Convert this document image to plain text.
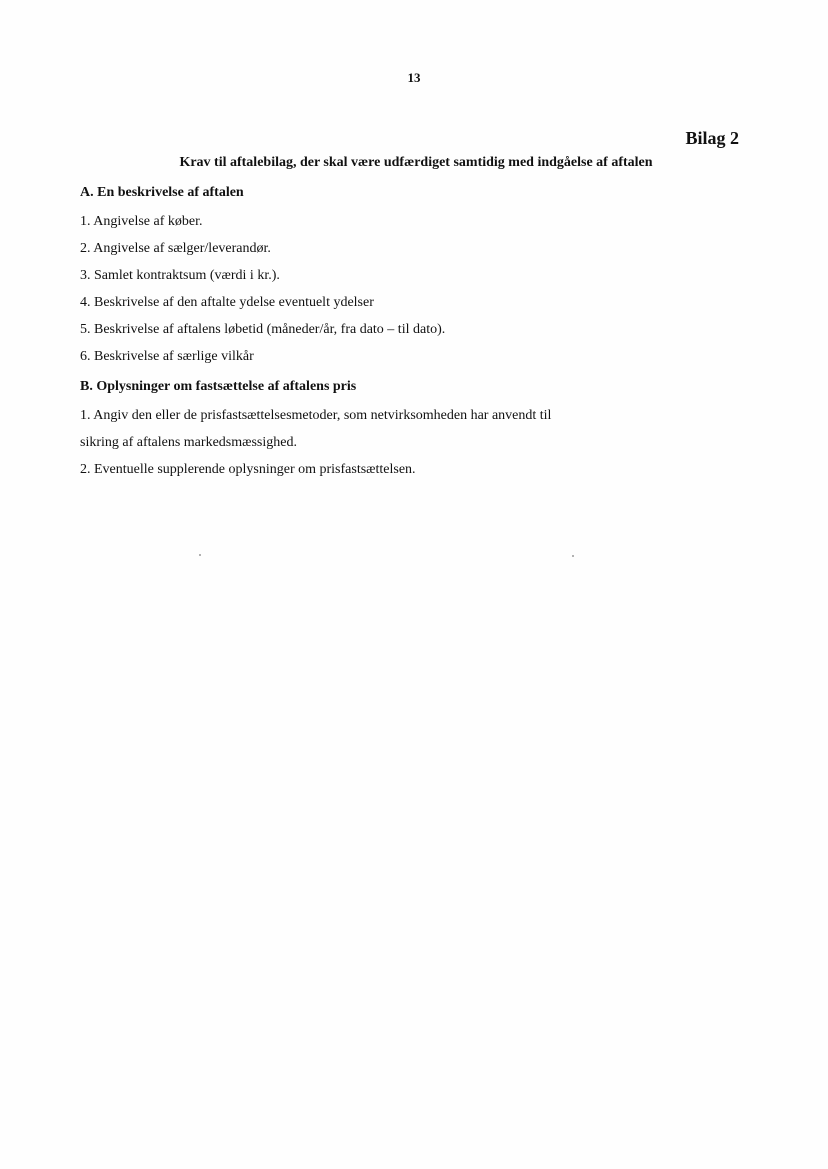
13
Bilag 2
Krav til aftalebilag, der skal være udfærdiget samtidig med indgåelse af aftalen
A. En beskrivelse af aftalen
1. Angivelse af køber.
2. Angivelse af sælger/leverandør.
3. Samlet kontraktsum (værdi i kr.).
4. Beskrivelse af den aftalte ydelse eventuelt ydelser
5. Beskrivelse af aftalens løbetid (måneder/år, fra dato – til dato).
6. Beskrivelse af særlige vilkår
B. Oplysninger om fastsættelse af aftalens pris
1. Angiv den eller de prisfastsættelsesmetoder, som netvirksomheden har anvendt til
sikring af aftalens markedsmæssighed.
2. Eventuelle supplerende oplysninger om prisfastsættelsen.
